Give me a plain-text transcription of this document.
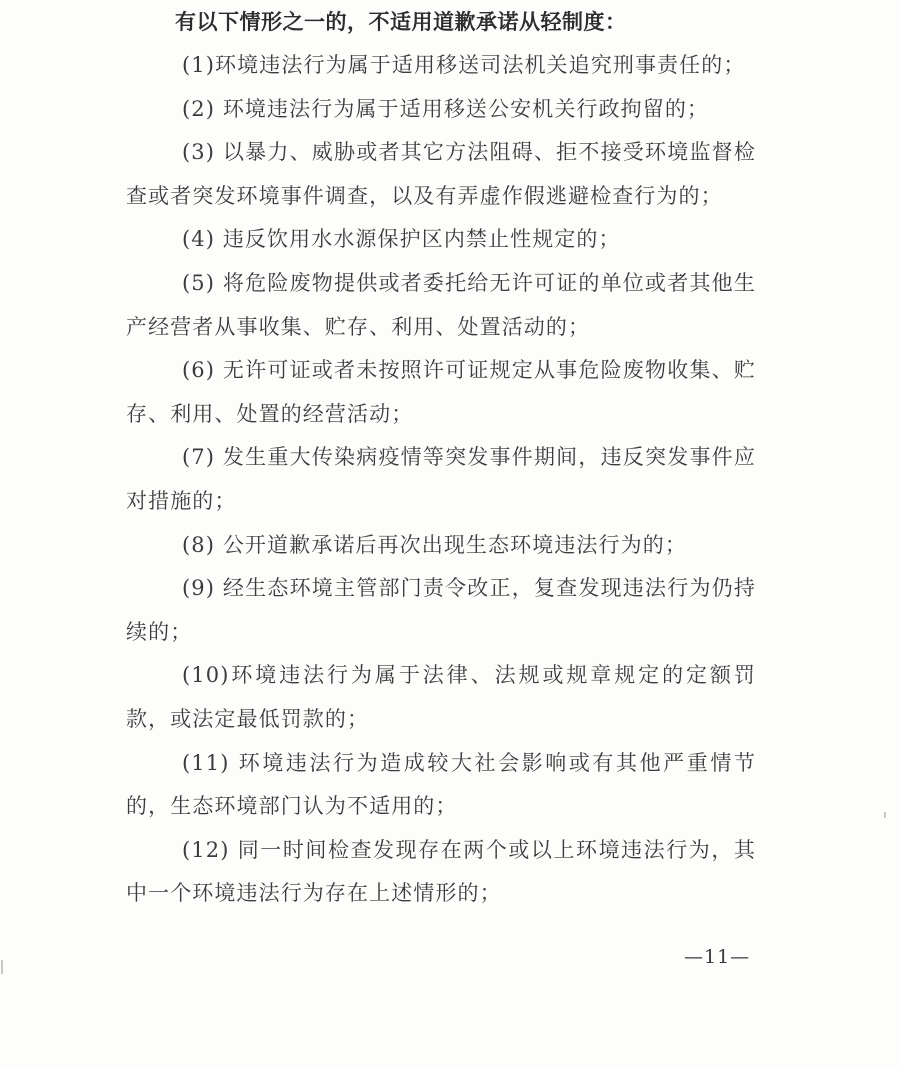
有以下情形之一的，不适用道歉承诺从轻制度：

(1)环境违法行为属于适用移送司法机关追究刑事责任的；

(2) 环境违法行为属于适用移送公安机关行政拘留的；

(3) 以暴力、威胁或者其它方法阻碍、拒不接受环境监督检查或者突发环境事件调查，以及有弄虚作假逃避检查行为的；

(4) 违反饮用水水源保护区内禁止性规定的；

(5) 将危险废物提供或者委托给无许可证的单位或者其他生产经营者从事收集、贮存、利用、处置活动的；

(6) 无许可证或者未按照许可证规定从事危险废物收集、贮存、利用、处置的经营活动；

(7) 发生重大传染病疫情等突发事件期间，违反突发事件应对措施的；

(8) 公开道歉承诺后再次出现生态环境违法行为的；

(9) 经生态环境主管部门责令改正，复查发现违法行为仍持续的；

(10)环境违法行为属于法律、法规或规章规定的定额罚款，或法定最低罚款的；

(11) 环境违法行为造成较大社会影响或有其他严重情节的，生态环境部门认为不适用的；

(12) 同一时间检查发现存在两个或以上环境违法行为，其中一个环境违法行为存在上述情形的；

—11—
